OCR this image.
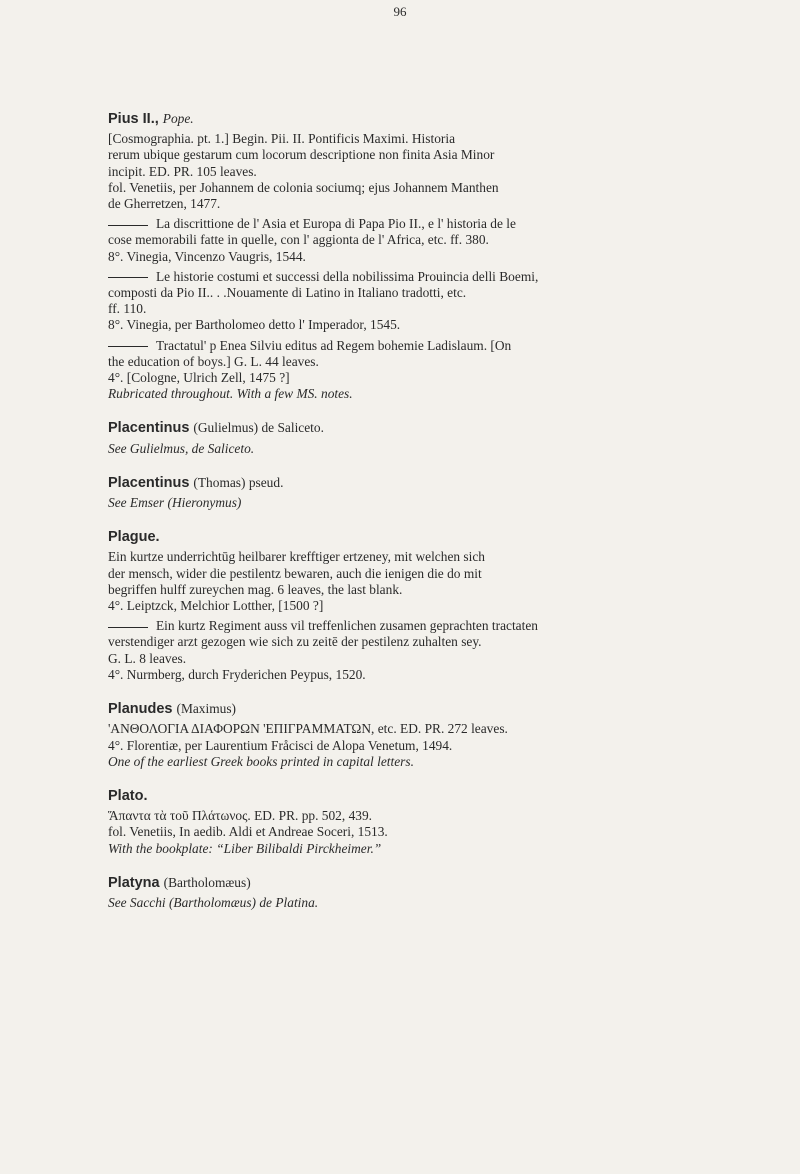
96
Pius II., Pope.

[Cosmographia. pt. 1.] Begin. Pii. II. Pontificis Maximi. Historia

rerum ubique gestarum cum locorum descriptione non finita Asia Minor

incipit. ED. PR. 105 leaves.

fol. Venetiis, per Johannem de colonia sociumq; ejus Johannem Manthen

de Gherretzen, 1477.

La discrittione de l' Asia et Europa di Papa Pio II., e l' historia de le

cose memorabili fatte in quelle, con l' aggionta de l' Africa, etc. ff. 380.

8°. Vinegia, Vincenzo Vaugris, 1544.

Le historie costumi et successi della nobilissima Prouincia delli Boemi,

composti da Pio II.. . .Nouamente di Latino in Italiano tradotti, etc.

ff. 110.

8°. Vinegia, per Bartholomeo detto l' Imperador, 1545.

Tractatul' p Enea Silviu editus ad Regem bohemie Ladislaum. [On

the education of boys.] G. L. 44 leaves.

4°. [Cologne, Ulrich Zell, 1475 ?]

Rubricated throughout. With a few MS. notes.

Placentinus (Gulielmus) de Saliceto.

See Gulielmus, de Saliceto.

Placentinus (Thomas) pseud.

See Emser (Hieronymus)

Plague.

Ein kurtze underrichtūg heilbarer krefftiger ertzeney, mit welchen sich

der mensch, wider die pestilentz bewaren, auch die ienigen die do mit

begriffen hulff zureychen mag. 6 leaves, the last blank.

4°. Leiptzck, Melchior Lotther, [1500 ?]

Ein kurtz Regiment auss vil treffenlichen zusamen geprachten tractaten

verstendiger arzt gezogen wie sich zu zeitē der pestilenz zuhalten sey.

G. L. 8 leaves.

4°. Nurmberg, durch Fryderichen Peypus, 1520.

Planudes (Maximus)

'ΑΝΘΟΛΟΓΙΑ ΔΙΑΦΟΡΩΝ 'ΕΠΙΓΡΑΜΜΑΤΩΝ, etc. ED. PR. 272 leaves.

4°. Florentiæ, per Laurentium Fråcisci de Alopa Venetum, 1494.

One of the earliest Greek books printed in capital letters.

Plato.

Ἅπαντα τὰ τοῦ Πλάτωνος. ED. PR. pp. 502, 439.

fol. Venetiis, In aedib. Aldi et Andreae Soceri, 1513.

With the bookplate: “Liber Bilibaldi Pirckheimer.”

Platyna (Bartholomæus)

See Sacchi (Bartholomæus) de Platina.
